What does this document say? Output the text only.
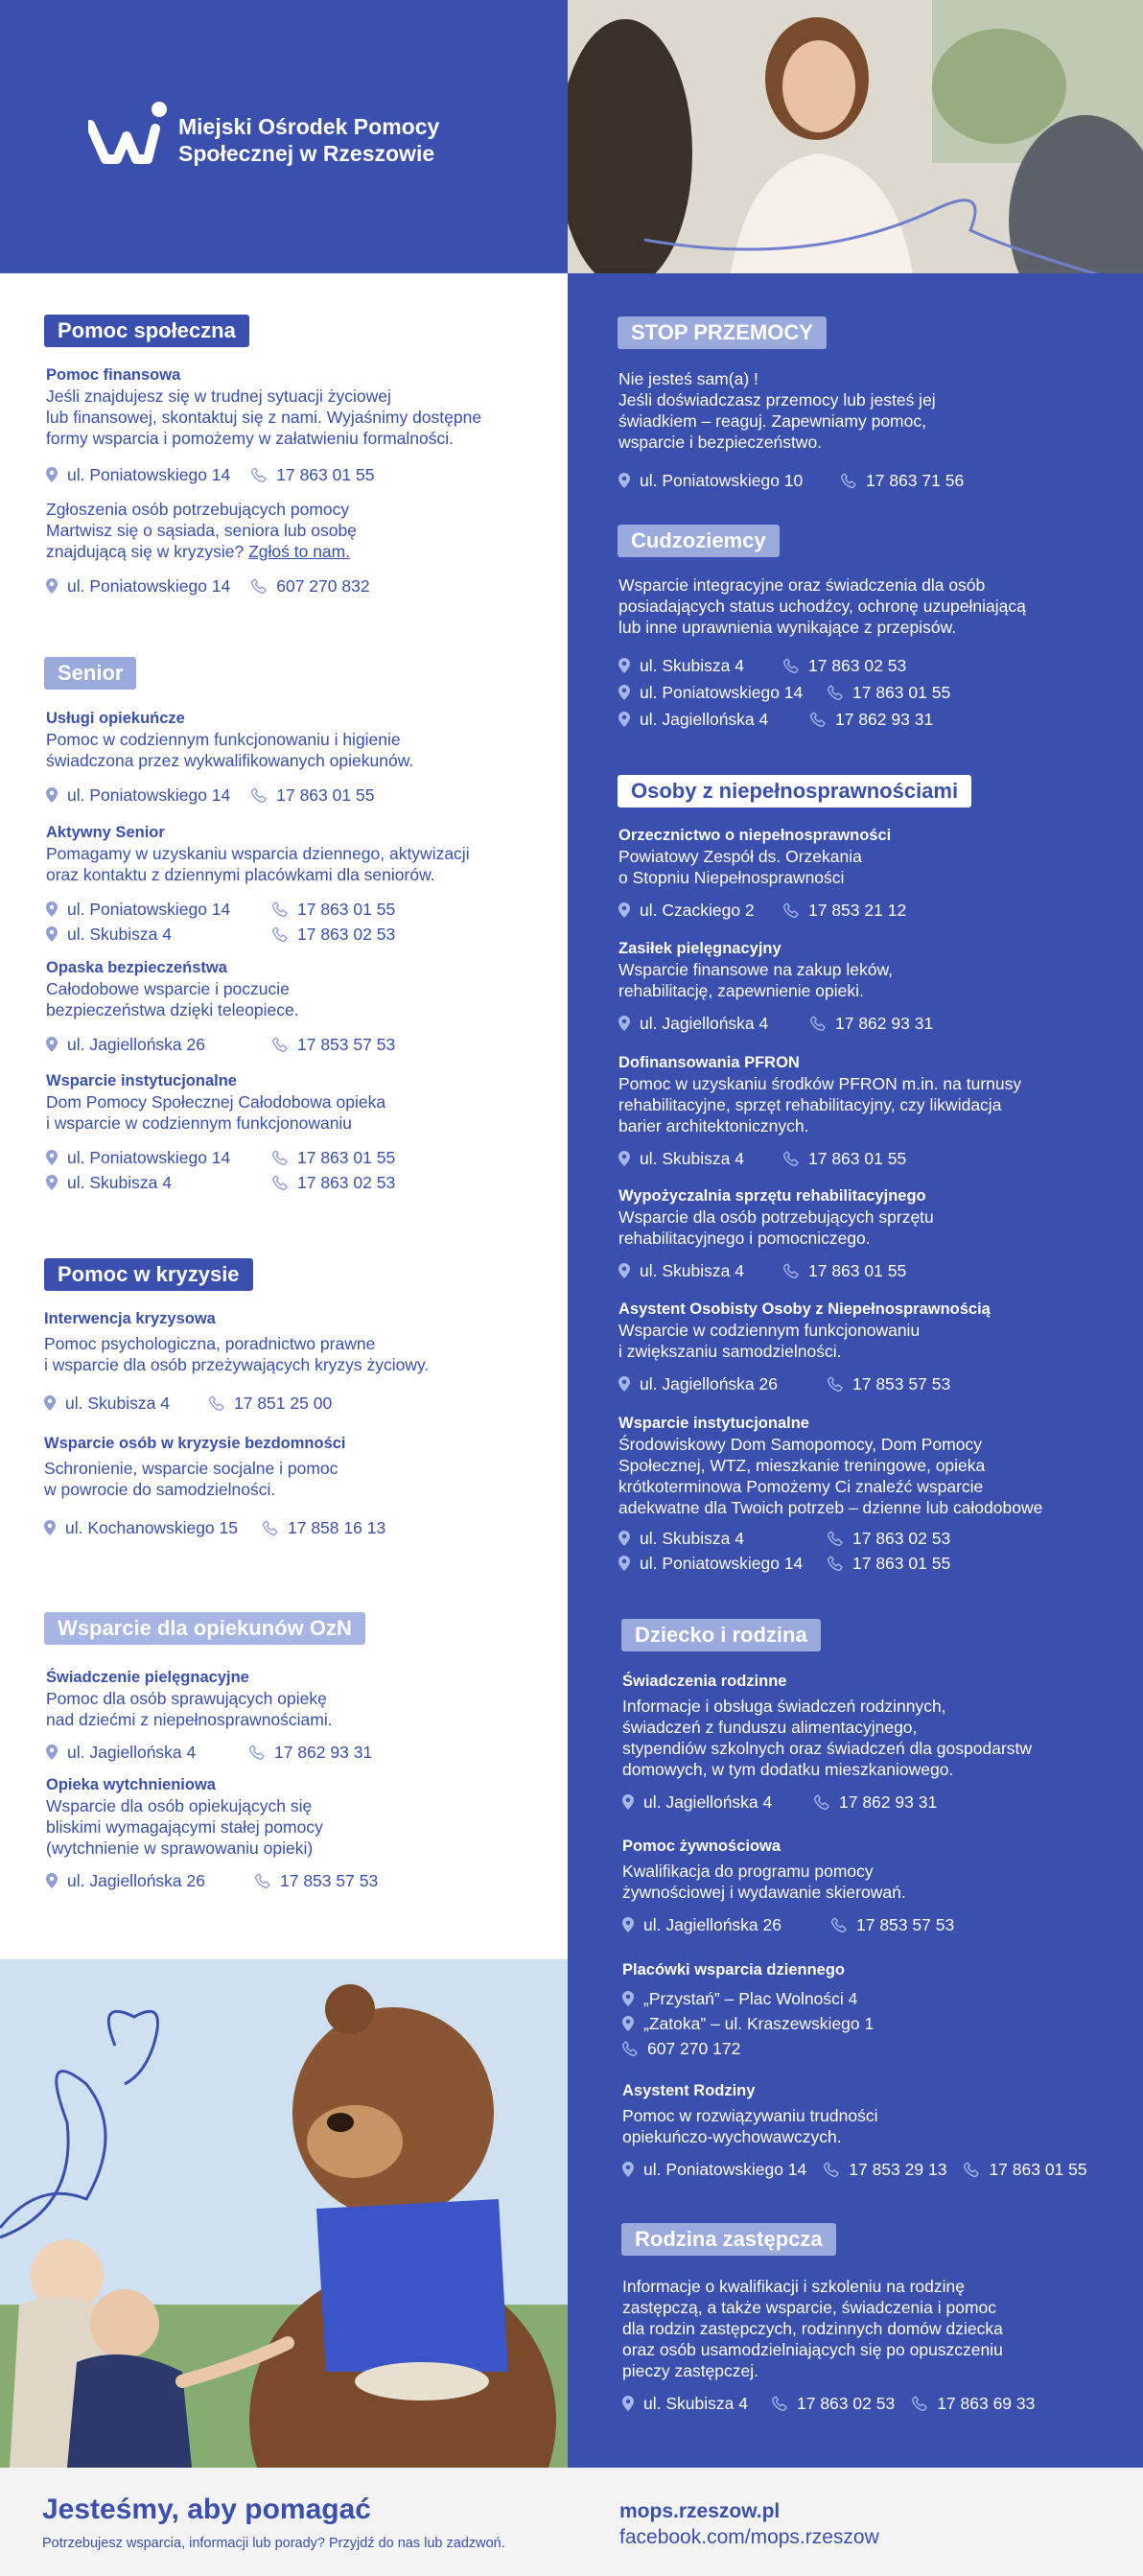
Miejski Ośrodek Pomocy
Społecznej w Rzeszowie
Pomoc społeczna
Pomoc finansowa

Jeśli znajdujesz się w trudnej sytuacji życiowej
lub finansowej, skontaktuj się z nami. Wyjaśnimy dostępne
formy wsparcia i pomożemy w załatwieniu formalności.

ul. Poniatowskiego 14	17 863 01 55

Zgłoszenia osób potrzebujących pomocy
Martwisz się o sąsiada, seniora lub osobę
znajdującą się w kryzysie? Zgłoś to nam.
ul. Poniatowskiego 14	607 270 832
Senior
Usługi opiekuńcze

Pomoc w codziennym funkcjonowaniu i higienie
świadczona przez wykwalifikowanych opiekunów.

ul. Poniatowskiego 14	17 863 01 55
Aktywny Senior

Pomagamy w uzyskaniu wsparcia dziennego, aktywizacji
oraz kontaktu z dziennymi placówkami dla seniorów.

ul. Poniatowskiego 14	17 863 01 55
ul. Skubisza 4	17 863 02 53
Opaska bezpieczeństwa

Całodobowe wsparcie i poczucie
bezpieczeństwa dzięki teleopiece.

ul. Jagiellońska 26	17 853 57 53
Wsparcie instytucjonalne

Dom Pomocy Społecznej Całodobowa opieka
i wsparcie w codziennym funkcjonowaniu

ul. Poniatowskiego 14	17 863 01 55
ul. Skubisza 4	17 863 02 53
Pomoc w kryzysie
Interwencja kryzysowa

Pomoc psychologiczna, poradnictwo prawne
i wsparcie dla osób przeżywających kryzys życiowy.

ul. Skubisza 4	17 851 25 00
Wsparcie osób w kryzysie bezdomności

Schronienie, wsparcie socjalne i pomoc
w powrocie do samodzielności.

ul. Kochanowskiego 15	17 858 16 13
Wsparcie dla opiekunów OzN
Świadczenie pielęgnacyjne

Pomoc dla osób sprawujących opiekę
nad dziećmi z niepełnosprawnościami.

ul. Jagiellońska 4	17 862 93 31
Opieka wytchnieniowa

Wsparcie dla osób opiekujących się
bliskimi wymagającymi stałej pomocy
(wytchnienie w sprawowaniu opieki)

ul. Jagiellońska 26	17 853 57 53
STOP PRZEMOCY

Nie jesteś sam(a) !
Jeśli doświadczasz przemocy lub jesteś jej
świadkiem – reaguj. Zapewniamy pomoc,
wsparcie i bezpieczeństwo.

ul. Poniatowskiego 10	17 863 71 56
Cudzoziemcy

Wsparcie integracyjne oraz świadczenia dla osób
posiadających status uchodźcy, ochronę uzupełniającą
lub inne uprawnienia wynikające z przepisów.

ul. Skubisza 4	17 863 02 53
ul. Poniatowskiego 14	17 863 01 55
ul. Jagiellońska 4	17 862 93 31
Osoby z niepełnosprawnościami
Orzecznictwo o niepełnosprawności

Powiatowy Zespół ds. Orzekania
o Stopniu Niepełnosprawności

ul. Czackiego 2	17 853 21 12
Zasiłek pielęgnacyjny

Wsparcie finansowe na zakup leków,
rehabilitację, zapewnienie opieki.

ul. Jagiellońska 4	17 862 93 31
Dofinansowania PFRON

Pomoc w uzyskaniu środków PFRON m.in. na turnusy
rehabilitacyjne, sprzęt rehabilitacyjny, czy likwidacja
barier architektonicznych.

ul. Skubisza 4	17 863 01 55
Wypożyczalnia sprzętu rehabilitacyjnego

Wsparcie dla osób potrzebujących sprzętu
rehabilitacyjnego i pomocniczego.

ul. Skubisza 4	17 863 01 55
Asystent Osobisty Osoby z Niepełnosprawnością

Wsparcie w codziennym funkcjonowaniu
i zwiększaniu samodzielności.

ul. Jagiellońska 26	17 853 57 53
Wsparcie instytucjonalne

Środowiskowy Dom Samopomocy, Dom Pomocy
Społecznej, WTZ, mieszkanie treningowe, opieka
krótkoterminowa Pomożemy Ci znaleźć wsparcie
adekwatne dla Twoich potrzeb – dzienne lub całodobowe

ul. Skubisza 4	17 863 02 53
ul. Poniatowskiego 14	17 863 01 55
Dziecko i rodzina
Świadczenia rodzinne

Informacje i obsługa świadczeń rodzinnych,
świadczeń z funduszu alimentacyjnego,
stypendiów szkolnych oraz świadczeń dla gospodarstw
domowych, w tym dodatku mieszkaniowego.

ul. Jagiellońska 4	17 862 93 31
Pomoc żywnościowa

Kwalifikacja do programu pomocy
żywnościowej i wydawanie skierowań.

ul. Jagiellońska 26	17 853 57 53
Placówki wsparcia dziennego
„Przystań” – Plac Wolności 4
„Zatoka” – ul. Kraszewskiego 1
607 270 172
Asystent Rodziny

Pomoc w rozwiązywaniu trudności
opiekuńczo-wychowawczych.

ul. Poniatowskiego 14	17 853 29 13	17 863 01 55
Rodzina zastępcza

Informacje o kwalifikacji i szkoleniu na rodzinę
zastępczą, a także wsparcie, świadczenia i pomoc
dla rodzin zastępczych, rodzinnych domów dziecka
oraz osób usamodzielniających się po opuszczeniu
pieczy zastępczej.

ul. Skubisza 4	17 863 02 53	17 863 69 33
Jesteśmy, aby pomagać
Potrzebujesz wsparcia, informacji lub porady? Przyjdź do nas lub zadzwoń.
mops.rzeszow.pl
facebook.com/mops.rzeszow
